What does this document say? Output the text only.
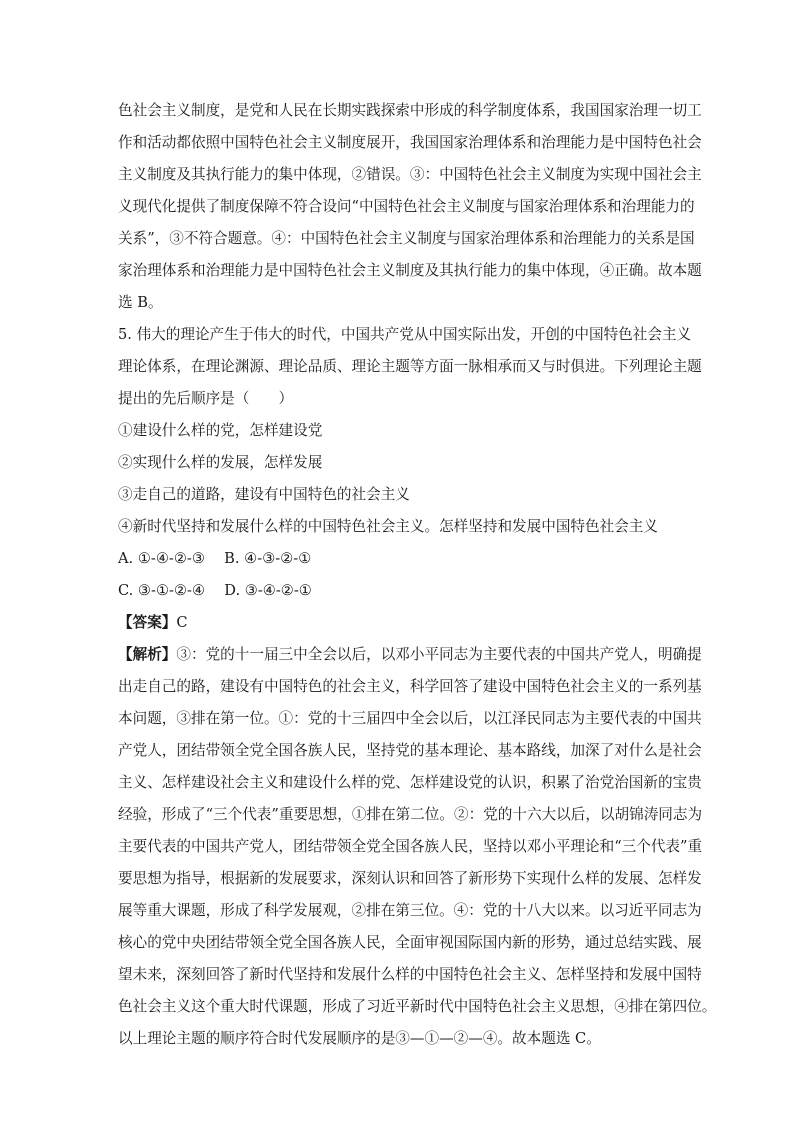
色社会主义制度，是党和人民在长期实践探索中形成的科学制度体系，我国国家治理一切工
作和活动都依照中国特色社会主义制度展开，我国国家治理体系和治理能力是中国特色社会
主义制度及其执行能力的集中体现，②错误。③：中国特色社会主义制度为实现中国社会主
义现代化提供了制度保障不符合设问“中国特色社会主义制度与国家治理体系和治理能力的
关系”，③不符合题意。④：中国特色社会主义制度与国家治理体系和治理能力的关系是国
家治理体系和治理能力是中国特色社会主义制度及其执行能力的集中体现，④正确。故本题
选 B。
5. 伟大的理论产生于伟大的时代，中国共产党从中国实际出发，开创的中国特色社会主义
理论体系，在理论渊源、理论品质、理论主题等方面一脉相承而又与时俱进。下列理论主题
提出的先后顺序是（　　）
①建设什么样的党，怎样建设党
②实现什么样的发展，怎样发展
③走自己的道路，建设有中国特色的社会主义
④新时代坚持和发展什么样的中国特色社会主义。怎样坚持和发展中国特色社会主义
A. ①-④-②-③　 B. ④-③-②-①
C. ③-①-②-④　 D. ③-④-②-①
【答案】C
【解析】③：党的十一届三中全会以后，以邓小平同志为主要代表的中国共产党人，明确提
出走自己的路，建设有中国特色的社会主义，科学回答了建设中国特色社会主义的一系列基
本问题，③排在第一位。①：党的十三届四中全会以后，以江泽民同志为主要代表的中国共
产党人，团结带领全党全国各族人民，坚持党的基本理论、基本路线，加深了对什么是社会
主义、怎样建设社会主义和建设什么样的党、怎样建设党的认识，积累了治党治国新的宝贵
经验，形成了“三个代表”重要思想，①排在第二位。②：党的十六大以后，以胡锦涛同志为
主要代表的中国共产党人，团结带领全党全国各族人民，坚持以邓小平理论和“三个代表”重
要思想为指导，根据新的发展要求，深刻认识和回答了新形势下实现什么样的发展、怎样发
展等重大课题，形成了科学发展观，②排在第三位。④：党的十八大以来。以习近平同志为
核心的党中央团结带领全党全国各族人民，全面审视国际国内新的形势，通过总结实践、展
望未来，深刻回答了新时代坚持和发展什么样的中国特色社会主义、怎样坚持和发展中国特
色社会主义这个重大时代课题，形成了习近平新时代中国特色社会主义思想，④排在第四位。
以上理论主题的顺序符合时代发展顺序的是③—①—②—④。故本题选 C。
